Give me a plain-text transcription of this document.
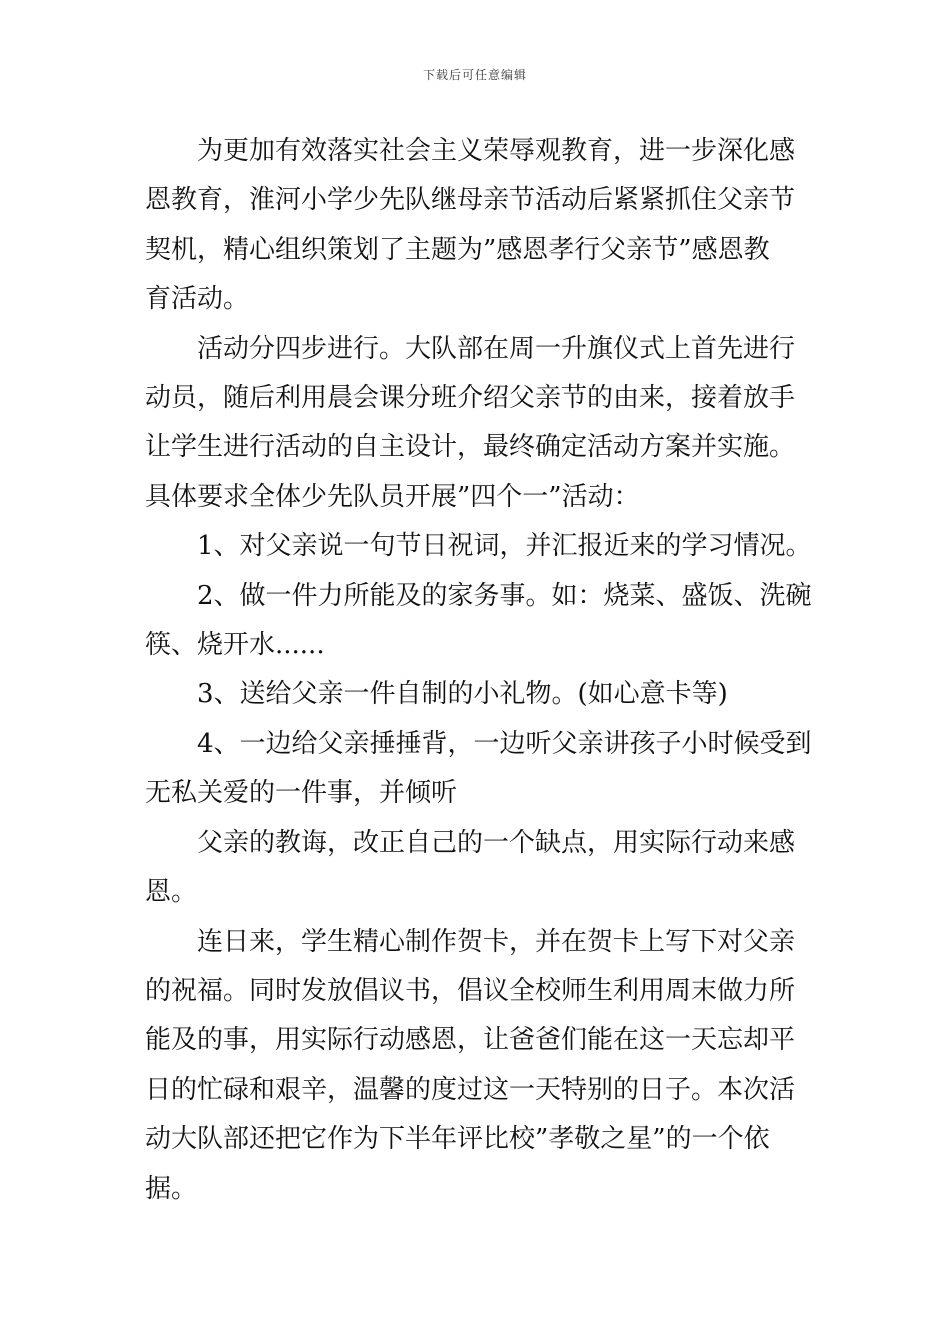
下载后可任意编辑

为更加有效落实社会主义荣辱观教育，进一步深化感
恩教育，淮河小学少先队继母亲节活动后紧紧抓住父亲节
契机，精心组织策划了主题为”感恩孝行父亲节”感恩教
育活动。

活动分四步进行。大队部在周一升旗仪式上首先进行
动员，随后利用晨会课分班介绍父亲节的由来，接着放手
让学生进行活动的自主设计，最终确定活动方案并实施。
具体要求全体少先队员开展”四个一”活动：

1、对父亲说一句节日祝词，并汇报近来的学习情况。

2、做一件力所能及的家务事。如：烧菜、盛饭、洗碗
筷、烧开水......

3、送给父亲一件自制的小礼物。(如心意卡等)

4、一边给父亲捶捶背，一边听父亲讲孩子小时候受到
无私关爱的一件事，并倾听

父亲的教诲，改正自己的一个缺点，用实际行动来感
恩。

连日来，学生精心制作贺卡，并在贺卡上写下对父亲
的祝福。同时发放倡议书，倡议全校师生利用周末做力所
能及的事，用实际行动感恩，让爸爸们能在这一天忘却平
日的忙碌和艰辛，温馨的度过这一天特别的日子。本次活
动大队部还把它作为下半年评比校”孝敬之星”的一个依
据。
